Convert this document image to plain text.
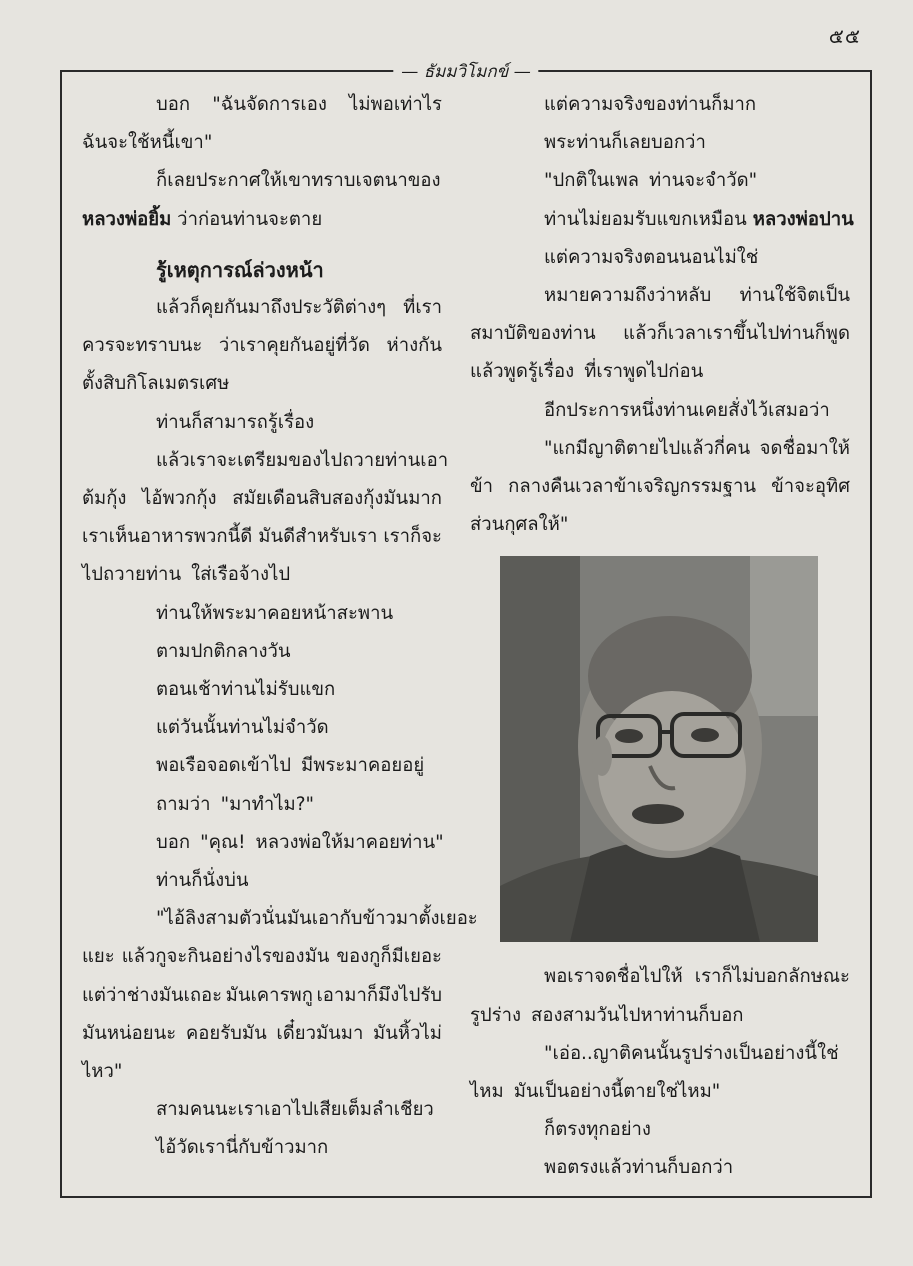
๕๕
— ธัมมวิโมกข์ —
บอก "ฉันจัดการเอง ไม่พอเท่าไร
ฉันจะใช้หนี้เขา"
ก็เลยประกาศให้เขาทราบเจตนาของ
หลวงพ่อยิ้ม ว่าก่อนท่านจะตาย
รู้เหตุการณ์ล่วงหน้า
แล้วก็คุยกันมาถึงประวัติต่างๆ ที่เรา
ควรจะทราบนะ ว่าเราคุยกันอยู่ที่วัด ห่างกัน
ตั้งสิบกิโลเมตรเศษ
ท่านก็สามารถรู้เรื่อง
แล้วเราจะเตรียมของไปถวายท่าน เอา
ต้มกุ้ง ไอ้พวกกุ้ง สมัยเดือนสิบสองกุ้งมันมาก
เราเห็นอาหารพวกนี้ดี มันดีสำหรับเรา เราก็จะ
ไปถวายท่าน ใส่เรือจ้างไป
ท่านให้พระมาคอยหน้าสะพาน
ตามปกติกลางวัน
ตอนเช้าท่านไม่รับแขก
แต่วันนั้นท่านไม่จำวัด
พอเรือจอดเข้าไป มีพระมาคอยอยู่
ถามว่า "มาทำไม?"
บอก "คุณ! หลวงพ่อให้มาคอยท่าน"
ท่านก็นั่งบ่น
"ไอ้ลิงสามตัวนั่นมันเอากับข้าวมาตั้งเยอะ
แยะ แล้วกูจะกินอย่างไรของมัน ของกูก็มีเยอะ
แต่ว่าช่างมันเถอะ มันเคารพกู เอามาก็มึงไปรับ
มันหน่อยนะ คอยรับมัน เดี๋ยวมันมา มันหิ้วไม่
ไหว"
สามคนนะเราเอาไปเสียเต็มลำเชียว
ไอ้วัดเรานี่กับข้าวมาก
แต่ความจริงของท่านก็มาก
พระท่านก็เลยบอกว่า
"ปกติในเพล ท่านจะจำวัด"
ท่านไม่ยอมรับแขกเหมือน หลวงพ่อปาน
แต่ความจริงตอนนอนไม่ใช่
หมายความถึงว่าหลับ ท่านใช้จิตเป็น
สมาบัติของท่าน แล้วก็เวลาเราขึ้นไปท่านก็พูด
แล้วพูดรู้เรื่อง ที่เราพูดไปก่อน
อีกประการหนึ่งท่านเคยสั่งไว้เสมอว่า
"แกมีญาติตายไปแล้วกี่คน จดชื่อมาให้
ข้า กลางคืนเวลาข้าเจริญกรรมฐาน ข้าจะอุทิศ
ส่วนกุศลให้"
พอเราจดชื่อไปให้ เราก็ไม่บอกลักษณะ
รูปร่าง สองสามวันไปหาท่านก็บอก
"เอ่อ..ญาติคนนั้นรูปร่างเป็นอย่างนี้ใช่
ไหม มันเป็นอย่างนี้ตายใช่ไหม"
ก็ตรงทุกอย่าง
พอตรงแล้วท่านก็บอกว่า
